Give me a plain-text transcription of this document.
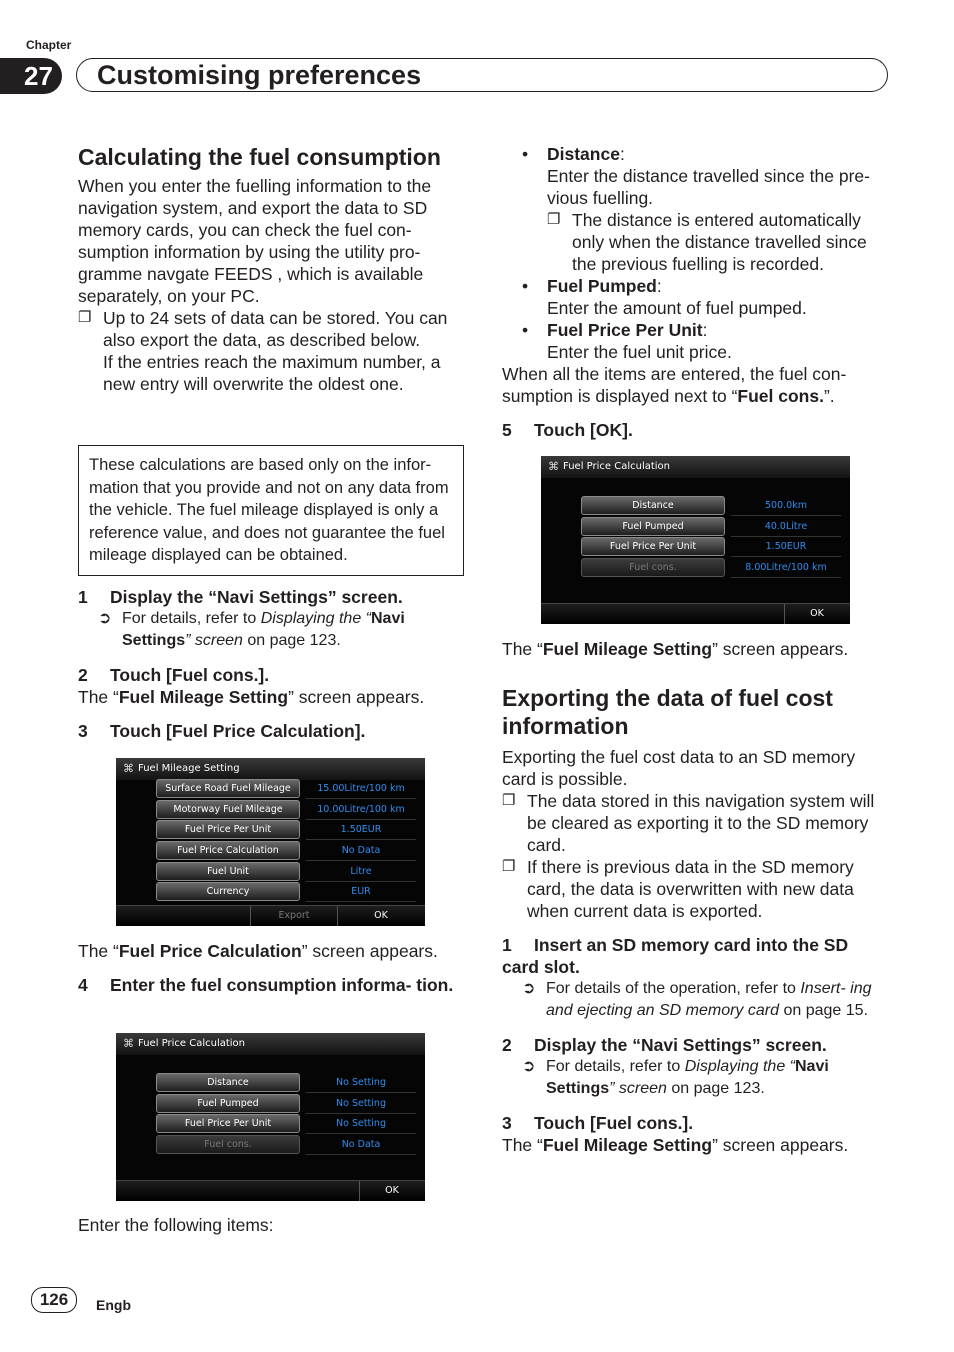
Chapter
27	Customising preferences
Calculating the fuel consumption

When you enter the fuelling information to the navigation system, and export the data to SD memory cards, you can check the fuel con- sumption information by using the utility pro- gramme navgate FEEDS , which is available separately, on your PC.

❐ Up to 24 sets of data can be stored. You can also export the data, as described below.

If the entries reach the maximum number, a new entry will overwrite the oldest one.

These calculations are based only on the infor- mation that you provide and not on any data from the vehicle. The fuel mileage displayed is only a reference value, and does not guarantee the fuel mileage displayed can be obtained.

1 Display the “Navi Settings” screen.

➲ For details, refer to Displaying the “Navi Settings” screen on page 123.

2 Touch [Fuel cons.].

The “Fuel Mileage Setting” screen appears.

3 Touch [Fuel Price Calculation].

⌘ Fuel Mileage Setting
Surface Road Fuel Mileage	15.00Litre/100 km
Motorway Fuel Mileage	10.00Litre/100 km
Fuel Price Per Unit	1.50EUR
Fuel Price Calculation	No Data
Fuel Unit	Litre
Currency	EUR
Export	OK

The “Fuel Price Calculation” screen appears.

4 Enter the fuel consumption informa- tion.

⌘ Fuel Price Calculation
Distance	No Setting
Fuel Pumped	No Setting
Fuel Price Per Unit	No Setting
Fuel cons.	No Data
OK

Enter the following items:

• Distance:

Enter the distance travelled since the pre- vious fuelling.

❐ The distance is entered automatically only when the distance travelled since the previous fuelling is recorded.

• Fuel Pumped:

Enter the amount of fuel pumped.

• Fuel Price Per Unit:

Enter the fuel unit price.

When all the items are entered, the fuel con- sumption is displayed next to “Fuel cons.”.

5 Touch [OK].

⌘ Fuel Price Calculation
Distance	500.0km
Fuel Pumped	40.0Litre
Fuel Price Per Unit	1.50EUR
Fuel cons.	8.00Litre/100 km
OK

The “Fuel Mileage Setting” screen appears.

Exporting the data of fuel cost information

Exporting the fuel cost data to an SD memory card is possible.

❐ The data stored in this navigation system will be cleared as exporting it to the SD memory card.

❐ If there is previous data in the SD memory card, the data is overwritten with new data when current data is exported.

1 Insert an SD memory card into the SD card slot.

➲ For details of the operation, refer to Insert- ing and ejecting an SD memory card on page 15.

2 Display the “Navi Settings” screen.

➲ For details, refer to Displaying the “Navi Settings” screen on page 123.

3 Touch [Fuel cons.].

The “Fuel Mileage Setting” screen appears.

126	Engb
